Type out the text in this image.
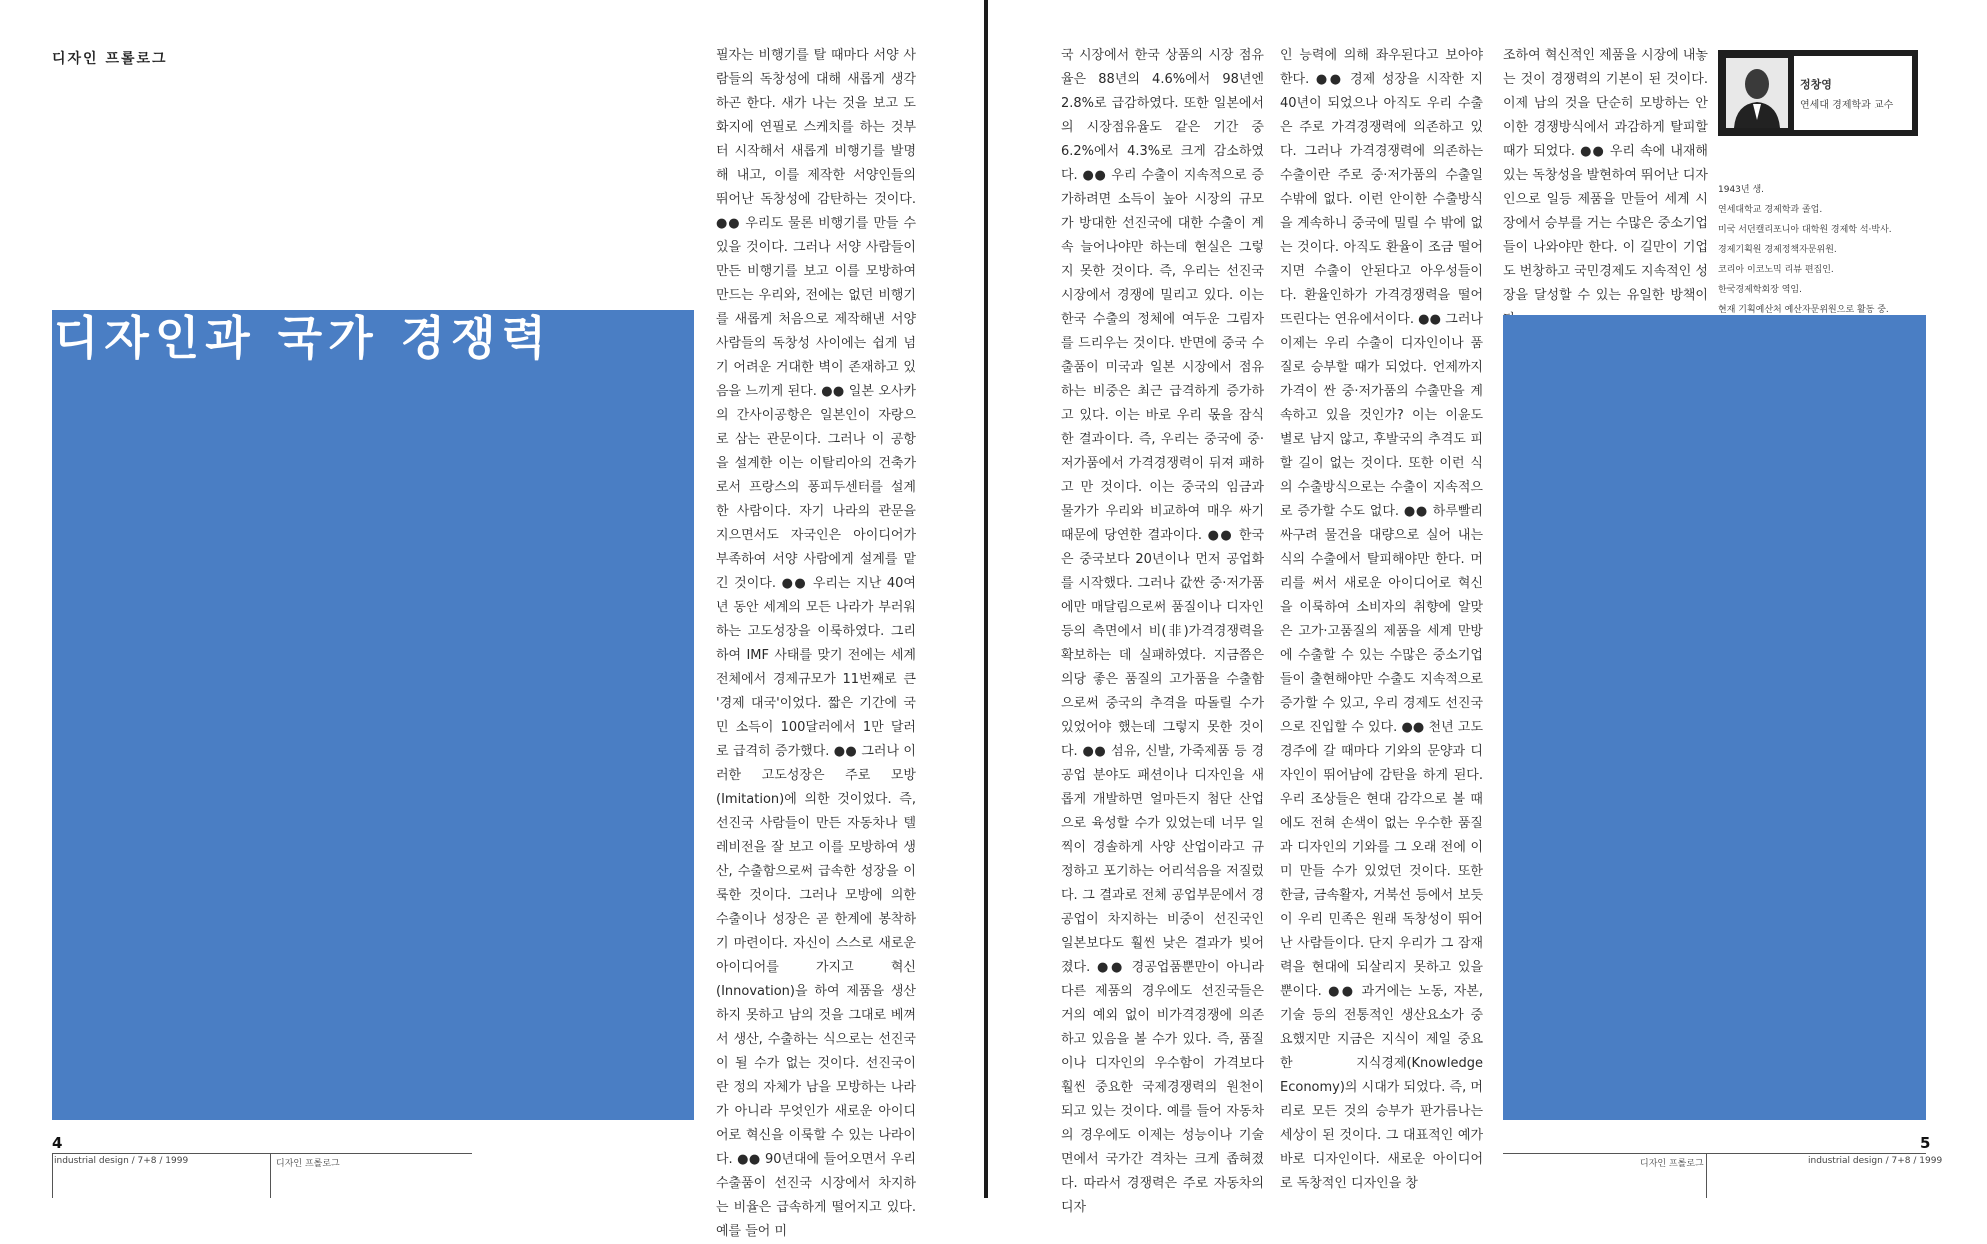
디자인 프롤로그
디자인과 국가 경쟁력

필자는 비행기를 탈 때마다 서양 사람들의 독창성에 대해 새롭게 생각하곤 한다. 새가 나는 것을 보고 도화지에 연필로 스케치를 하는 것부터 시작해서 새롭게 비행기를 발명해 내고, 이를 제작한 서양인들의 뛰어난 독창성에 감탄하는 것이다. ●● 우리도 물론 비행기를 만들 수 있을 것이다. 그러나 서양 사람들이 만든 비행기를 보고 이를 모방하여 만드는 우리와, 전에는 없던 비행기를 새롭게 처음으로 제작해낸 서양 사람들의 독창성 사이에는 쉽게 넘기 어려운 거대한 벽이 존재하고 있음을 느끼게 된다. ●● 일본 오사카의 간사이공항은 일본인이 자랑으로 삼는 관문이다. 그러나 이 공항을 설계한 이는 이탈리아의 건축가로서 프랑스의 퐁피두센터를 설계한 사람이다. 자기 나라의 관문을 지으면서도 자국인은 아이디어가 부족하여 서양 사람에게 설계를 맡긴 것이다. ●● 우리는 지난 40여 년 동안 세계의 모든 나라가 부러워하는 고도성장을 이룩하였다. 그리하여 IMF 사태를 맞기 전에는 세계 전체에서 경제규모가 11번째로 큰 '경제 대국'이었다. 짧은 기간에 국민 소득이 100달러에서 1만 달러로 급격히 증가했다. ●● 그러나 이러한 고도성장은 주로 모방(Imitation)에 의한 것이었다. 즉, 선진국 사람들이 만든 자동차나 텔레비전을 잘 보고 이를 모방하여 생산, 수출함으로써 급속한 성장을 이룩한 것이다. 그러나 모방에 의한 수출이나 성장은 곧 한계에 봉착하기 마련이다. 자신이 스스로 새로운 아이디어를 가지고 혁신(Innovation)을 하여 제품을 생산하지 못하고 남의 것을 그대로 베껴서 생산, 수출하는 식으로는 선진국이 될 수가 없는 것이다. 선진국이란 정의 자체가 남을 모방하는 나라가 아니라 무엇인가 새로운 아이디어로 혁신을 이룩할 수 있는 나라이다. ●● 90년대에 들어오면서 우리 수출품이 선진국 시장에서 차지하는 비율은 급속하게 떨어지고 있다. 예를 들어 미

4
industrial design / 7+8 / 1999	디자인 프롤로그

국 시장에서 한국 상품의 시장 점유율은 88년의 4.6%에서 98년엔 2.8%로 급감하였다. 또한 일본에서의 시장점유율도 같은 기간 중 6.2%에서 4.3%로 크게 감소하였다. ●● 우리 수출이 지속적으로 증가하려면 소득이 높아 시장의 규모가 방대한 선진국에 대한 수출이 계속 늘어나야만 하는데 현실은 그렇지 못한 것이다. 즉, 우리는 선진국 시장에서 경쟁에 밀리고 있다. 이는 한국 수출의 정체에 여두운 그림자를 드리우는 것이다. 반면에 중국 수출품이 미국과 일본 시장에서 점유하는 비중은 최근 급격하게 증가하고 있다. 이는 바로 우리 몫을 잠식한 결과이다. 즉, 우리는 중국에 중·저가품에서 가격경쟁력이 뒤져 패하고 만 것이다. 이는 중국의 임금과 물가가 우리와 비교하여 매우 싸기 때문에 당연한 결과이다. ●● 한국은 중국보다 20년이나 먼저 공업화를 시작했다. 그러나 값싼 중·저가품에만 매달림으로써 품질이나 디자인 등의 측면에서 비(非)가격경쟁력을 확보하는 데 실패하였다. 지금쯤은 의당 좋은 품질의 고가품을 수출함으로써 중국의 추격을 따돌릴 수가 있었어야 했는데 그렇지 못한 것이다. ●● 섬유, 신발, 가죽제품 등 경공업 분야도 패션이나 디자인을 새롭게 개발하면 얼마든지 첨단 산업으로 육성할 수가 있었는데 너무 일찍이 경솔하게 사양 산업이라고 규정하고 포기하는 어리석음을 저질렀다. 그 결과로 전체 공업부문에서 경공업이 차지하는 비중이 선진국인 일본보다도 훨씬 낮은 결과가 빚어졌다. ●● 경공업품뿐만이 아니라 다른 제품의 경우에도 선진국들은 거의 예외 없이 비가격경쟁에 의존하고 있음을 볼 수가 있다. 즉, 품질이나 디자인의 우수함이 가격보다 훨씬 중요한 국제경쟁력의 원천이 되고 있는 것이다. 예를 들어 자동차의 경우에도 이제는 성능이나 기술면에서 국가간 격차는 크게 좁혀졌다. 따라서 경쟁력은 주로 자동차의 디자

인 능력에 의해 좌우된다고 보아야 한다. ●● 경제 성장을 시작한 지 40년이 되었으나 아직도 우리 수출은 주로 가격경쟁력에 의존하고 있다. 그러나 가격경쟁력에 의존하는 수출이란 주로 중·저가품의 수출일 수밖에 없다. 이런 안이한 수출방식을 계속하니 중국에 밀릴 수 밖에 없는 것이다. 아직도 환율이 조금 떨어지면 수출이 안된다고 아우성들이다. 환율인하가 가격경쟁력을 떨어뜨린다는 연유에서이다. ●● 그러나 이제는 우리 수출이 디자인이나 품질로 승부할 때가 되었다. 언제까지 가격이 싼 중·저가품의 수출만을 계속하고 있을 것인가? 이는 이윤도 별로 남지 않고, 후발국의 추격도 피할 길이 없는 것이다. 또한 이런 식의 수출방식으로는 수출이 지속적으로 증가할 수도 없다. ●● 하루빨리 싸구려 물건을 대량으로 실어 내는 식의 수출에서 탈피해야만 한다. 머리를 써서 새로운 아이디어로 혁신을 이룩하여 소비자의 취향에 알맞은 고가·고품질의 제품을 세계 만방에 수출할 수 있는 수많은 중소기업들이 출현해야만 수출도 지속적으로 증가할 수 있고, 우리 경제도 선진국으로 진입할 수 있다. ●● 천년 고도 경주에 갈 때마다 기와의 문양과 디자인이 뛰어남에 감탄을 하게 된다. 우리 조상들은 현대 감각으로 볼 때에도 전혀 손색이 없는 우수한 품질과 디자인의 기와를 그 오래 전에 이미 만들 수가 있었던 것이다. 또한 한글, 금속활자, 거북선 등에서 보듯이 우리 민족은 원래 독창성이 뛰어난 사람들이다. 단지 우리가 그 잠재력을 현대에 되살리지 못하고 있을 뿐이다. ●● 과거에는 노동, 자본, 기술 등의 전통적인 생산요소가 중요했지만 지금은 지식이 제일 중요한 지식경제(Knowledge Economy)의 시대가 되었다. 즉, 머리로 모든 것의 승부가 판가름나는 세상이 된 것이다. 그 대표적인 예가 바로 디자인이다. 새로운 아이디어로 독창적인 디자인을 창

조하여 혁신적인 제품을 시장에 내놓는 것이 경쟁력의 기본이 된 것이다. 이제 남의 것을 단순히 모방하는 안이한 경쟁방식에서 과감하게 탈피할 때가 되었다. ●● 우리 속에 내재해 있는 독창성을 발현하여 뛰어난 디자인으로 일등 제품을 만들어 세계 시장에서 승부를 거는 수많은 중소기업들이 나와야만 한다. 이 길만이 기업도 번창하고 국민경제도 지속적인 성장을 달성할 수 있는 유일한 방책이

정창영
연세대 경제학과 교수
1943년 생.
연세대학교 경제학과 졸업.
미국 서던캘리포니아 대학원 경제학 석·박사.
경제기획원 경제정책자문위원.
코리아 이코노믹 리뷰 편집인.
한국경제학회장 역임.
현재 기획예산처 예산자문위원으로 활동 중.
5
디자인 프롤로그	industrial design / 7+8 / 1999
